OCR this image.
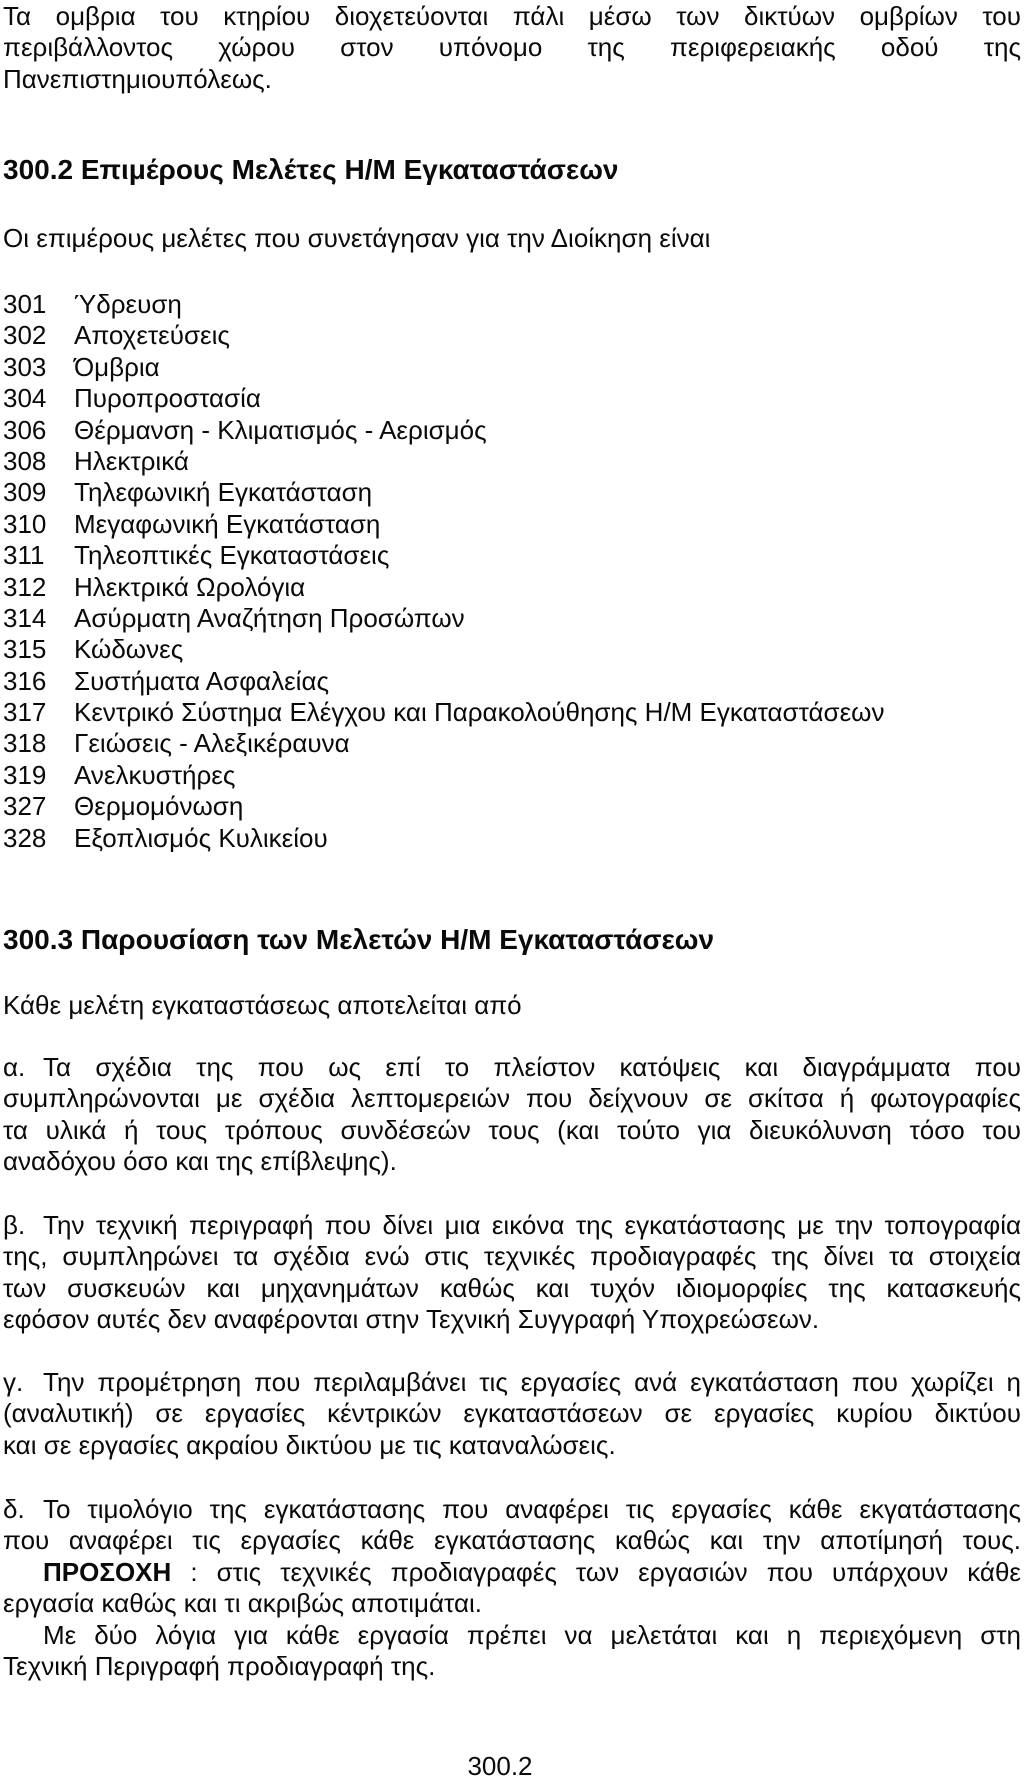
Τα ομβρια του κτηρίου διοχετεύονται πάλι μέσω των δικτύων ομβρίων του
περιβάλλοντος χώρου στον υπόνομο της περιφερειακής οδού της
Πανεπιστημιουπόλεως.
300.2 Επιμέρους Μελέτες Η/Μ Εγκαταστάσεων
Οι επιμέρους μελέτες που συνετάγησαν για την Διοίκηση είναι
301	Ύδρευση
302	Αποχετεύσεις
303	Όμβρια
304	Πυροπροστασία
306	Θέρμανση - Κλιματισμός - Αερισμός
308	Ηλεκτρικά
309	Τηλεφωνική Εγκατάσταση
310	Μεγαφωνική Εγκατάσταση
311	Τηλεοπτικές Εγκαταστάσεις
312	Ηλεκτρικά Ωρολόγια
314	Ασύρματη Αναζήτηση Προσώπων
315	Κώδωνες
316	Συστήματα Ασφαλείας
317	Κεντρικό Σύστημα Ελέγχου και Παρακολούθησης Η/Μ Εγκαταστάσεων
318	Γειώσεις - Αλεξικέραυνα
319	Ανελκυστήρες
327	Θερμομόνωση
328	Εξοπλισμός Κυλικείου
300.3 Παρουσίαση των Μελετών Η/Μ Εγκαταστάσεων
Κάθε μελέτη εγκαταστάσεως αποτελείται από
α. Τα σχέδια της που ως επί το πλείστον κατόψεις και διαγράμματα που
συμπληρώνονται με σχέδια λεπτομερειών που δείχνουν σε σκίτσα ή φωτογραφίες
τα υλικά ή τους τρόπους συνδέσεών τους (και τούτο για διευκόλυνση τόσο του
αναδόχου όσο και της επίβλεψης).
β. Την τεχνική περιγραφή που δίνει μια εικόνα της εγκατάστασης με την τοπογραφία
της, συμπληρώνει τα σχέδια ενώ στις τεχνικές προδιαγραφές της δίνει τα στοιχεία
των συσκευών και μηχανημάτων καθώς και τυχόν ιδιομορφίες της κατασκευής
εφόσον αυτές δεν αναφέρονται στην Τεχνική Συγγραφή Υποχρεώσεων.
γ. Την προμέτρηση που περιλαμβάνει τις εργασίες ανά εγκατάσταση που χωρίζει η
(αναλυτική) σε εργασίες κέντρικών εγκαταστάσεων σε εργασίες κυρίου δικτύου
και σε εργασίες ακραίου δικτύου με τις καταναλώσεις.
δ. Το τιμολόγιο της εγκατάστασης που αναφέρει τις εργασίες κάθε εκγατάστασης
που αναφέρει τις εργασίες κάθε εγκατάστασης καθώς και την αποτίμησή τους.
ΠΡΟΣΟΧΗ : στις τεχνικές προδιαγραφές των εργασιών που υπάρχουν κάθε
εργασία καθώς και τι ακριβώς αποτιμάται.
Με δύο λόγια για κάθε εργασία πρέπει να μελετάται και η περιεχόμενη στη
Τεχνική Περιγραφή προδιαγραφή της.
300.2
